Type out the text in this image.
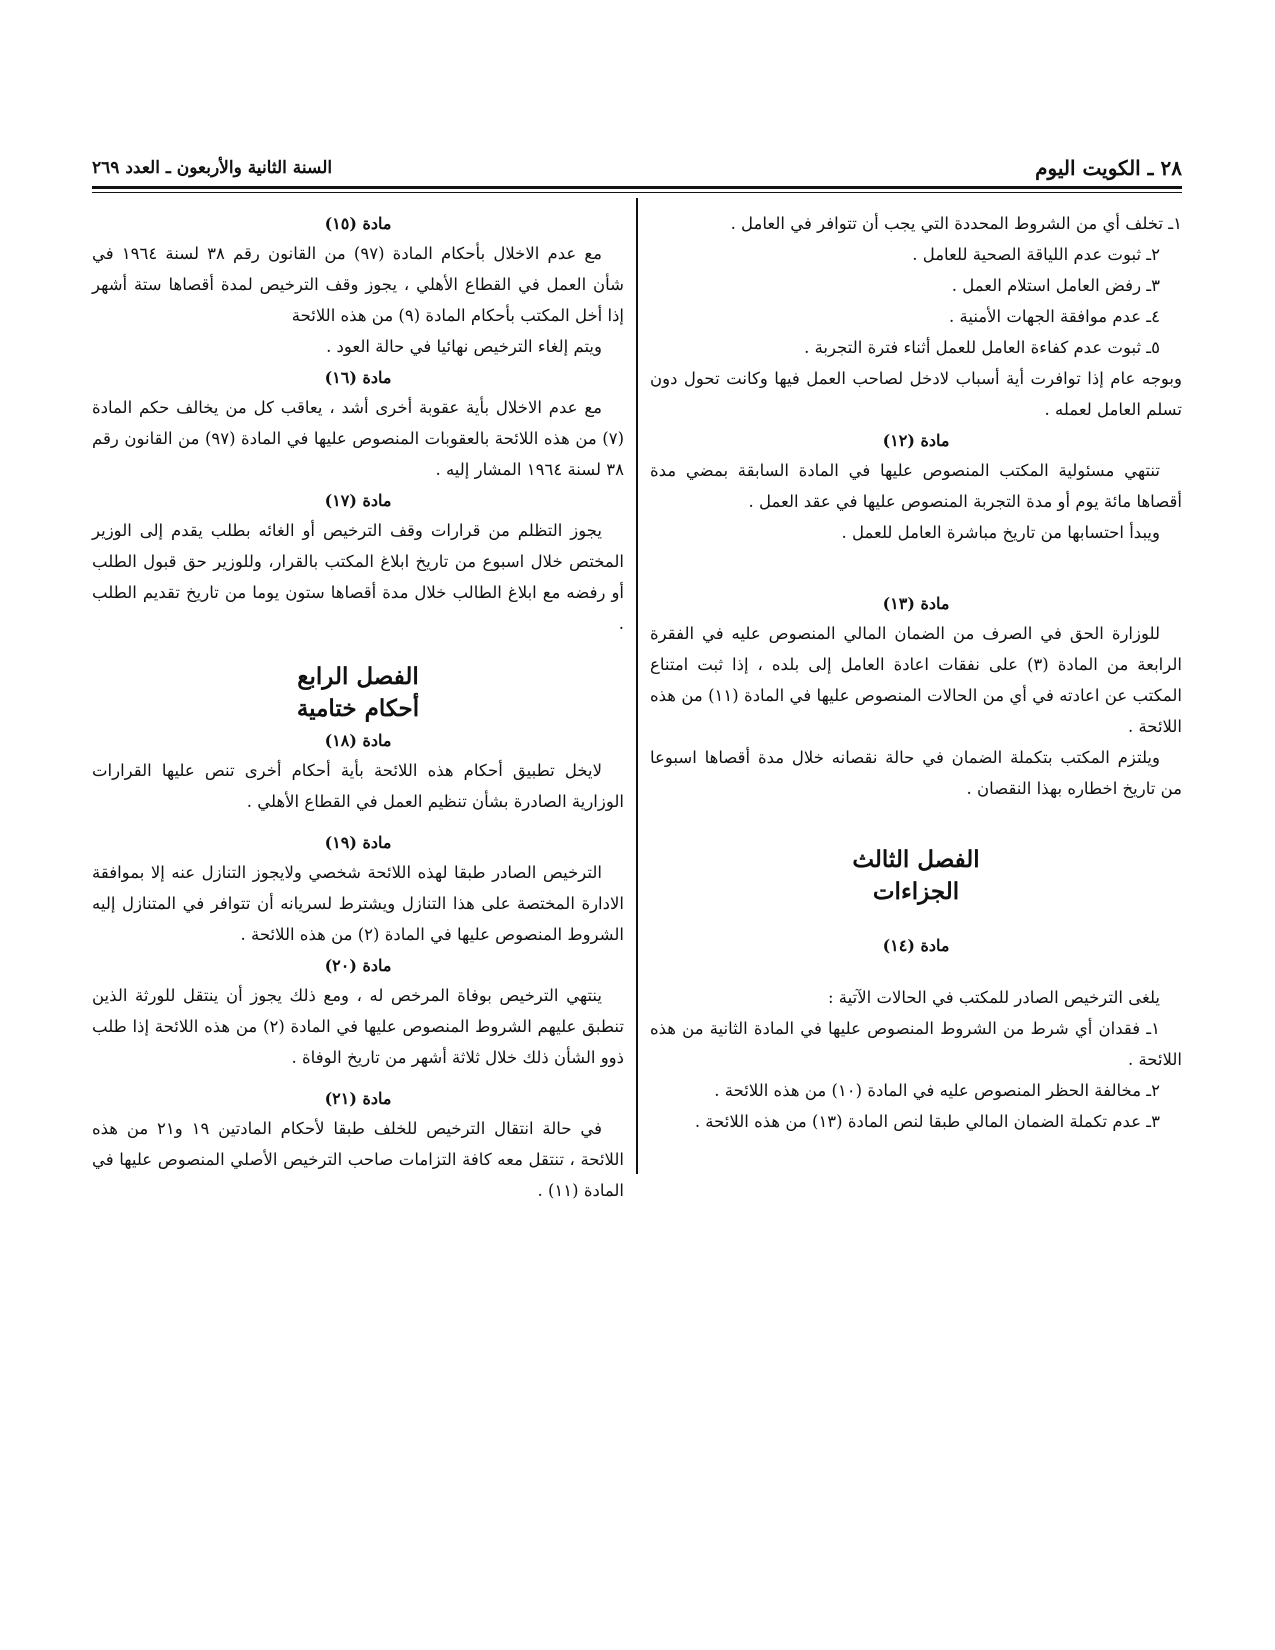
٢٨ ـ الكويت اليوم
السنة الثانية والأربعون ـ العدد ٢٦٩

١ـ تخلف أي من الشروط المحددة التي يجب أن تتوافر في العامل .

٢ـ ثبوت عدم اللياقة الصحية للعامل .

٣ـ رفض العامل استلام العمل .

٤ـ عدم موافقة الجهات الأمنية .

٥ـ ثبوت عدم كفاءة العامل للعمل أثناء فترة التجربة .

وبوجه عام إذا توافرت أية أسباب لادخل لصاحب العمل فيها وكانت تحول دون تسلم العامل لعمله .

مادة (١٢)

تنتهي مسئولية المكتب المنصوص عليها في المادة السابقة بمضي مدة أقصاها مائة يوم أو مدة التجربة المنصوص عليها في عقد العمل .

ويبدأ احتسابها من تاريخ مباشرة العامل للعمل .

مادة (١٣)

للوزارة الحق في الصرف من الضمان المالي المنصوص عليه في الفقرة الرابعة من المادة (٣) على نفقات اعادة العامل إلى بلده ، إذا ثبت امتناع المكتب عن اعادته في أي من الحالات المنصوص عليها في المادة (١١) من هذه اللائحة .

ويلتزم المكتب بتكملة الضمان في حالة نقصانه خلال مدة أقصاها اسبوعا من تاريخ اخطاره بهذا النقصان .

الفصل الثالث
الجزاءات
مادة (١٤)

يلغى الترخيص الصادر للمكتب في الحالات الآتية :

١ـ فقدان أي شرط من الشروط المنصوص عليها في المادة الثانية من هذه اللائحة .

٢ـ مخالفة الحظر المنصوص عليه في المادة (١٠) من هذه اللائحة .

٣ـ عدم تكملة الضمان المالي طبقا لنص المادة (١٣) من هذه اللائحة .

مادة (١٥)

مع عدم الاخلال بأحكام المادة (٩٧) من القانون رقم ٣٨ لسنة ١٩٦٤ في شأن العمل في القطاع الأهلي ، يجوز وقف الترخيص لمدة أقصاها ستة أشهر إذا أخل المكتب بأحكام المادة (٩) من هذه اللائحة

ويتم إلغاء الترخيص نهائيا في حالة العود .

مادة (١٦)

مع عدم الاخلال بأية عقوبة أخرى أشد ، يعاقب كل من يخالف حكم المادة (٧) من هذه اللائحة بالعقوبات المنصوص عليها في المادة (٩٧) من القانون رقم ٣٨ لسنة ١٩٦٤ المشار إليه .

مادة (١٧)

يجوز التظلم من قرارات وقف الترخيص أو الغائه بطلب يقدم إلى الوزير المختص خلال اسبوع من تاريخ ابلاغ المكتب بالقرار، وللوزير حق قبول الطلب أو رفضه مع ابلاغ الطالب خلال مدة أقصاها ستون يوما من تاريخ تقديم الطلب .

الفصل الرابع
أحكام ختامية
مادة (١٨)

لايخل تطبيق أحكام هذه اللائحة بأية أحكام أخرى تنص عليها القرارات الوزارية الصادرة بشأن تنظيم العمل في القطاع الأهلي .

مادة (١٩)

الترخيص الصادر طبقا لهذه اللائحة شخصي ولايجوز التنازل عنه إلا بموافقة الادارة المختصة على هذا التنازل ويشترط لسريانه أن تتوافر في المتنازل إليه الشروط المنصوص عليها في المادة (٢) من هذه اللائحة .

مادة (٢٠)

ينتهي الترخيص بوفاة المرخص له ، ومع ذلك يجوز أن ينتقل للورثة الذين تنطبق عليهم الشروط المنصوص عليها في المادة (٢) من هذه اللائحة إذا طلب ذوو الشأن ذلك خلال ثلاثة أشهر من تاريخ الوفاة .

مادة (٢١)

في حالة انتقال الترخيص للخلف طبقا لأحكام المادتين ١٩ و٢١ من هذه اللائحة ، تنتقل معه كافة التزامات صاحب الترخيص الأصلي المنصوص عليها في المادة (١١) .
